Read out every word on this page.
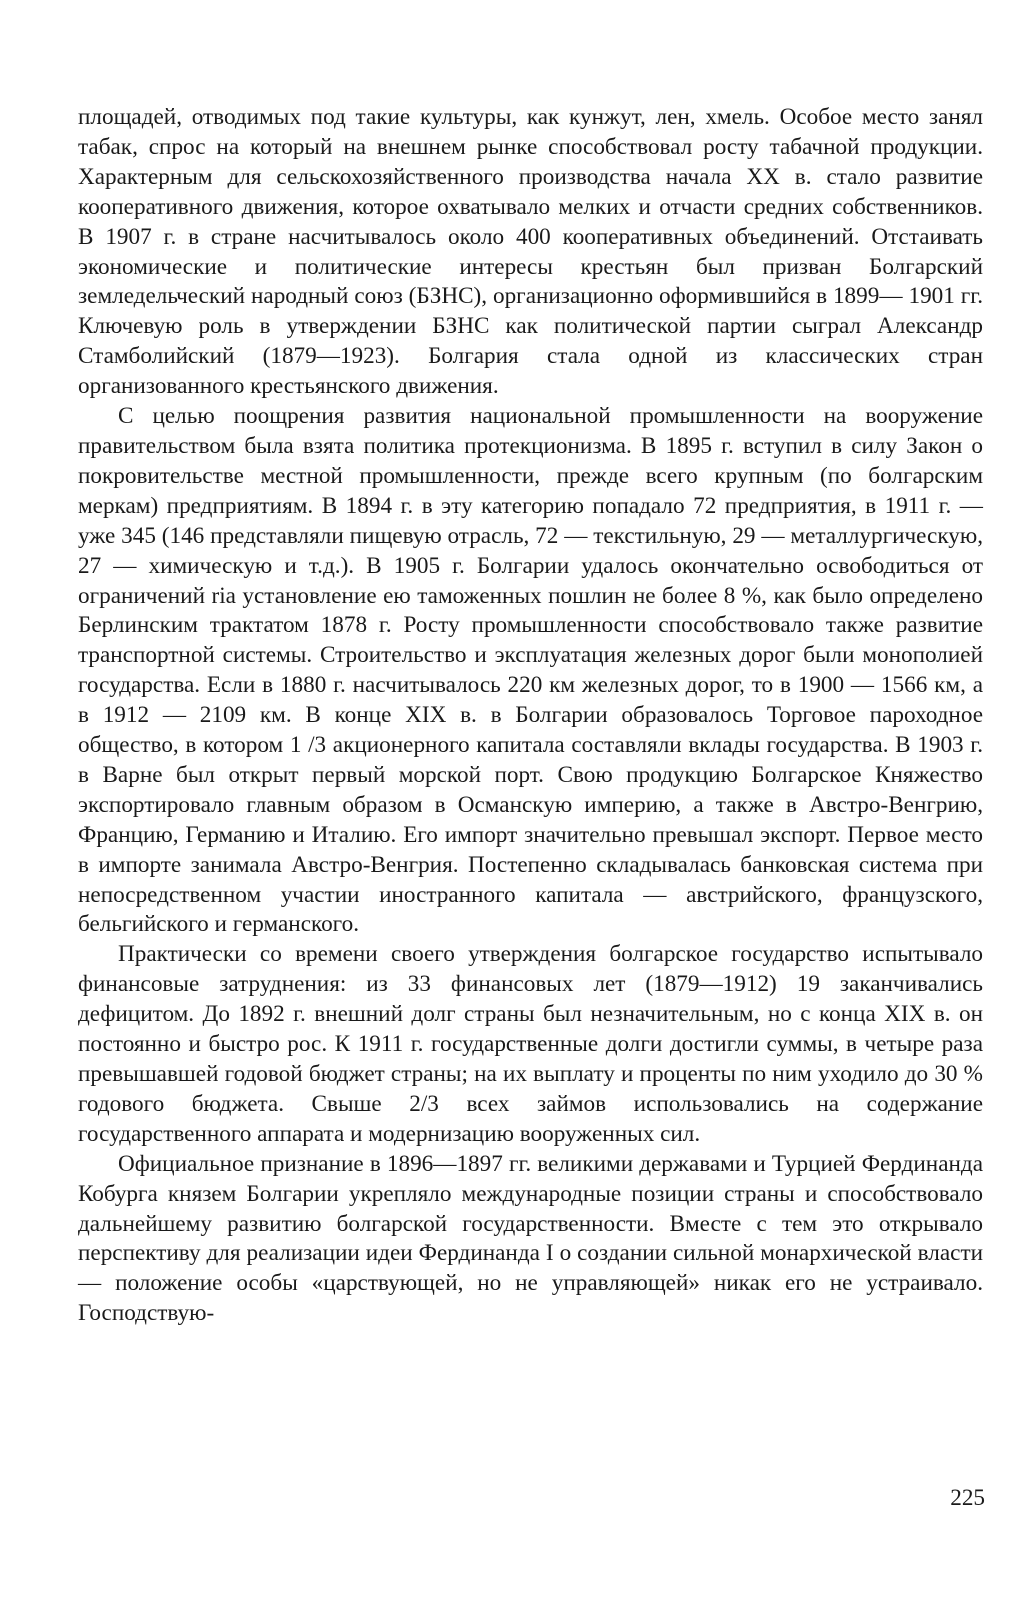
площадей, отводимых под такие культуры, как кунжут, лен, хмель. Особое место занял табак, спрос на который на внешнем рынке способствовал росту табачной продукции. Характерным для сельскохозяйственного производства начала XX в. стало развитие кооперативного движения, которое охватывало мелких и отчасти средних собственников. В 1907 г. в стране насчитывалось около 400 кооперативных объединений. Отстаивать экономические и политические интересы крестьян был призван Болгарский земледельческий народный союз (БЗНС), организационно оформившийся в 1899— 1901 гг. Ключевую роль в утверждении БЗНС как политической партии сыграл Александр Стамболийский (1879—1923). Болгария стала одной из классических стран организованного крестьянского движения.

С целью поощрения развития национальной промышленности на вооружение правительством была взята политика протекционизма. В 1895 г. вступил в силу Закон о покровительстве местной промышленности, прежде всего крупным (по болгарским меркам) предприятиям. В 1894 г. в эту категорию попадало 72 предприятия, в 1911 г. — уже 345 (146 представляли пищевую отрасль, 72 — текстильную, 29 — металлургическую, 27 — химическую и т.д.). В 1905 г. Болгарии удалось окончательно освободиться от ограничений ria установление ею таможенных пошлин не более 8 %, как было определено Берлинским трактатом 1878 г. Росту промышленности способствовало также развитие транспортной системы. Строительство и эксплуатация железных дорог были монополией государства. Если в 1880 г. насчитывалось 220 км железных дорог, то в 1900 — 1566 км, а в 1912 — 2109 км. В конце XIX в. в Болгарии образовалось Торговое пароходное общество, в котором 1 /3 акционерного капитала составляли вклады государства. В 1903 г. в Варне был открыт первый морской порт. Свою продукцию Болгарское Княжество экспортировало главным образом в Османскую империю, а также в Австро-Венгрию, Францию, Германию и Италию. Его импорт значительно превышал экспорт. Первое место в импорте занимала Австро-Венгрия. Постепенно складывалась банковская система при непосредственном участии иностранного капитала — австрийского, французского, бельгийского и германского.

Практически со времени своего утверждения болгарское государство испытывало финансовые затруднения: из 33 финансовых лет (1879—1912) 19 заканчивались дефицитом. До 1892 г. внешний долг страны был незначительным, но с конца XIX в. он постоянно и быстро рос. К 1911 г. государственные долги достигли суммы, в четыре раза превышавшей годовой бюджет страны; на их выплату и проценты по ним уходило до 30 % годового бюджета. Свыше 2/3 всех займов использовались на содержание государственного аппарата и модернизацию вооруженных сил.

Официальное признание в 1896—1897 гг. великими державами и Турцией Фердинанда Кобурга князем Болгарии укрепляло международные позиции страны и способствовало дальнейшему развитию болгарской государственности. Вместе с тем это открывало перспективу для реализации идеи Фердинанда I о создании сильной монархической власти — положение особы «царствующей, но не управляющей» никак его не устраивало. Господствую-

225
